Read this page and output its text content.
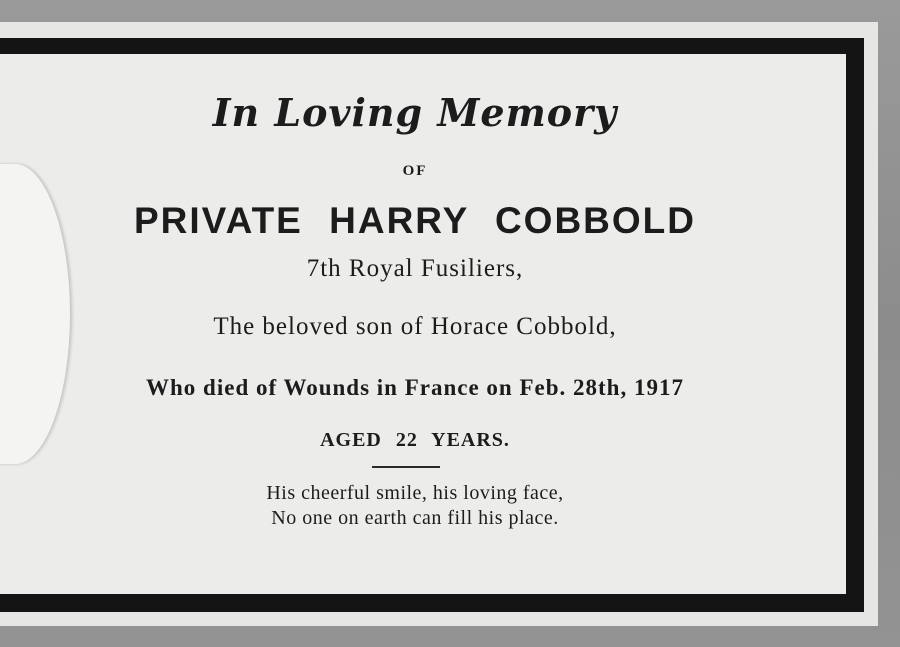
In Loving Memory
OF
PRIVATE HARRY COBBOLD
7th Royal Fusiliers,
The beloved son of Horace Cobbold,
Who died of Wounds in France on Feb. 28th, 1917
AGED 22 YEARS.
His cheerful smile, his loving face,
No one on earth can fill his place.
